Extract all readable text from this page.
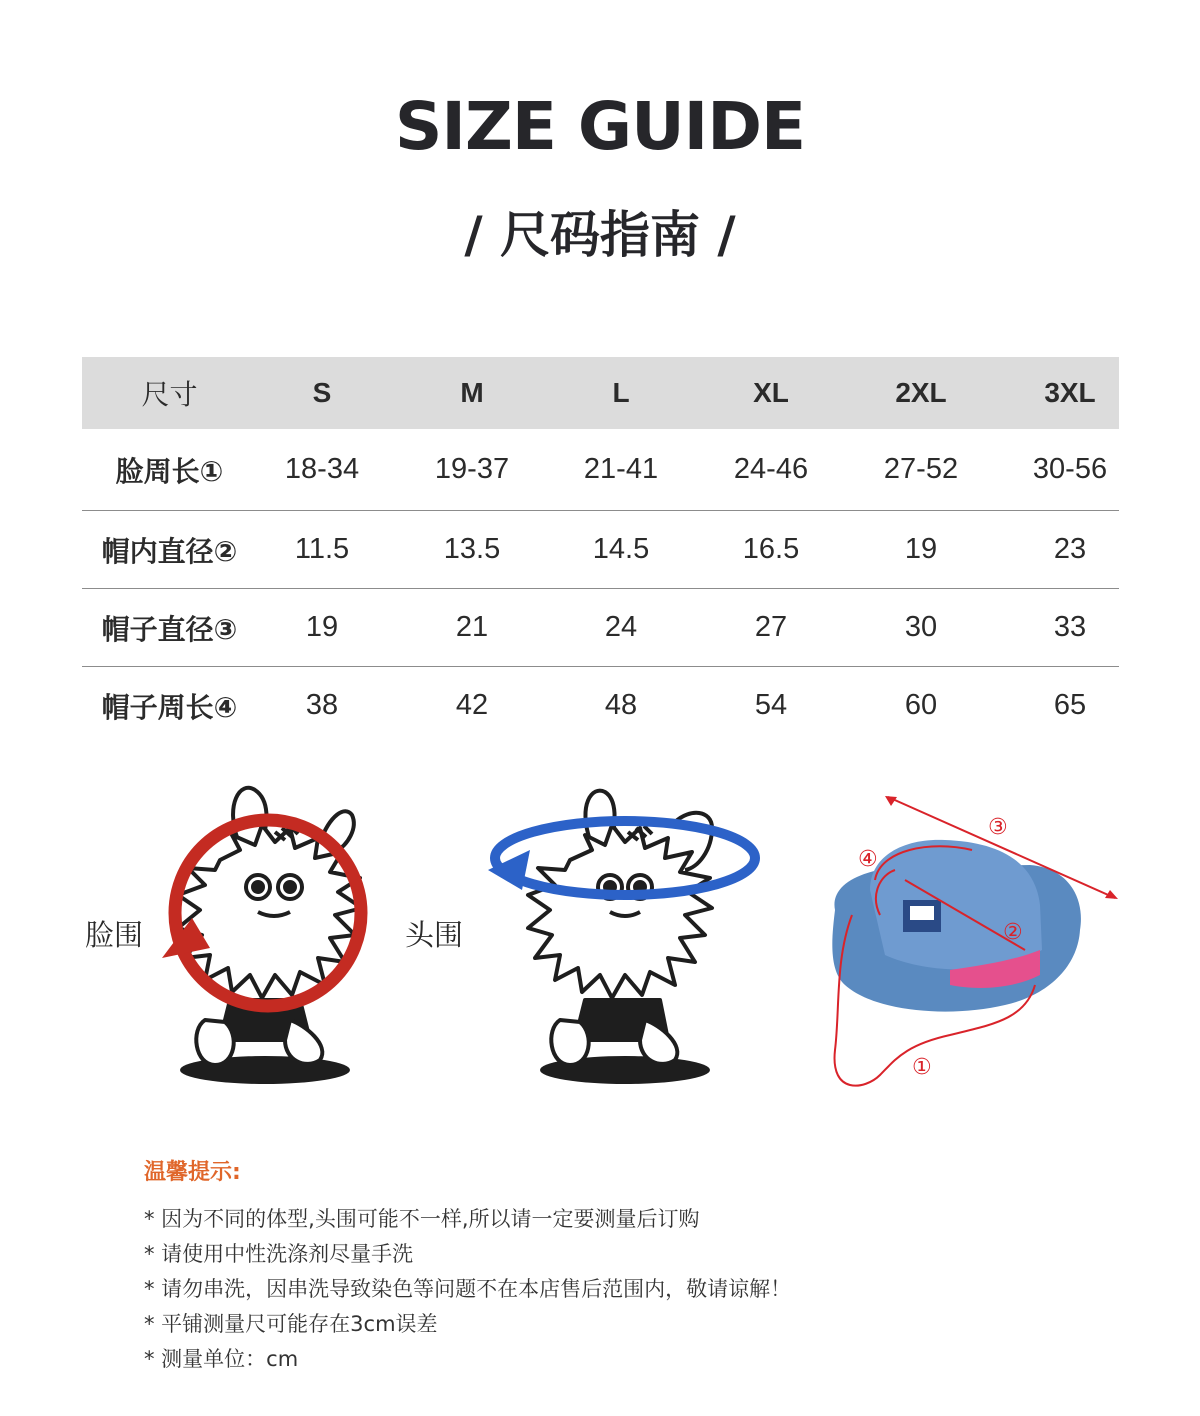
SIZE GUIDE
/ 尺码指南 /
尺寸	S	M	L	XL	2XL	3XL
脸周长①	18-34	19-37	21-41	24-46	27-52	30-56
帽内直径②	11.5	13.5	14.5	16.5	19	23
帽子直径③	19	21	24	27	30	33
帽子周长④	38	42	48	54	60	65
脸围	头围
④
③
②
①
温馨提示:
* 因为不同的体型,头围可能不一样,所以请一定要测量后订购
* 请使用中性洗涤剂尽量手洗
* 请勿串洗，因串洗导致染色等问题不在本店售后范围内，敬请谅解！
* 平铺测量尺可能存在3cm误差
* 测量单位：cm
